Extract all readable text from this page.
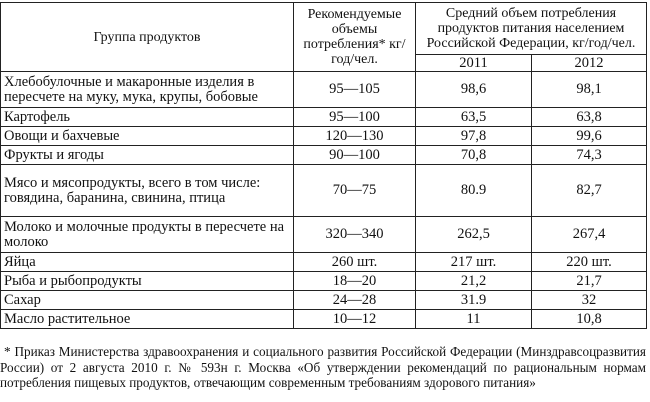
Группа продуктов	Рекомендуемые объемы потребления* кг/год/чел.	Средний объем потребления продуктов питания населением Российской Федерации, кг/год/чел.	
		2011	2012
Хлебобулочные и макаронные изделия в пересчете на муку, мука, крупы, бобовые	95—105	98,6	98,1
Картофель	95—100	63,5	63,8
Овощи и бахчевые	120—130	97,8	99,6
Фрукты и ягоды	90—100	70,8	74,3
Мясо и мясопродукты, всего в том числе: говядина, баранина, свинина, птица	70—75	80.9	82,7
Молоко и молочные продукты в пересчете на молоко	320—340	262,5	267,4
Яйца	260 шт.	217 шт.	220 шт.
Рыба и рыбопродукты	18—20	21,2	21,7
Сахар	24—28	31.9	32
Масло растительное	10—12	11	10,8
* Приказ Министерства здравоохранения и социального развития Российской Федерации (Минздравсоцразвития России) от 2 августа 2010 г. № 593н г. Москва «Об утверждении рекомендаций по рациональным нормам потребления пищевых продуктов, отвечающим современным требованиям здорового питания»
